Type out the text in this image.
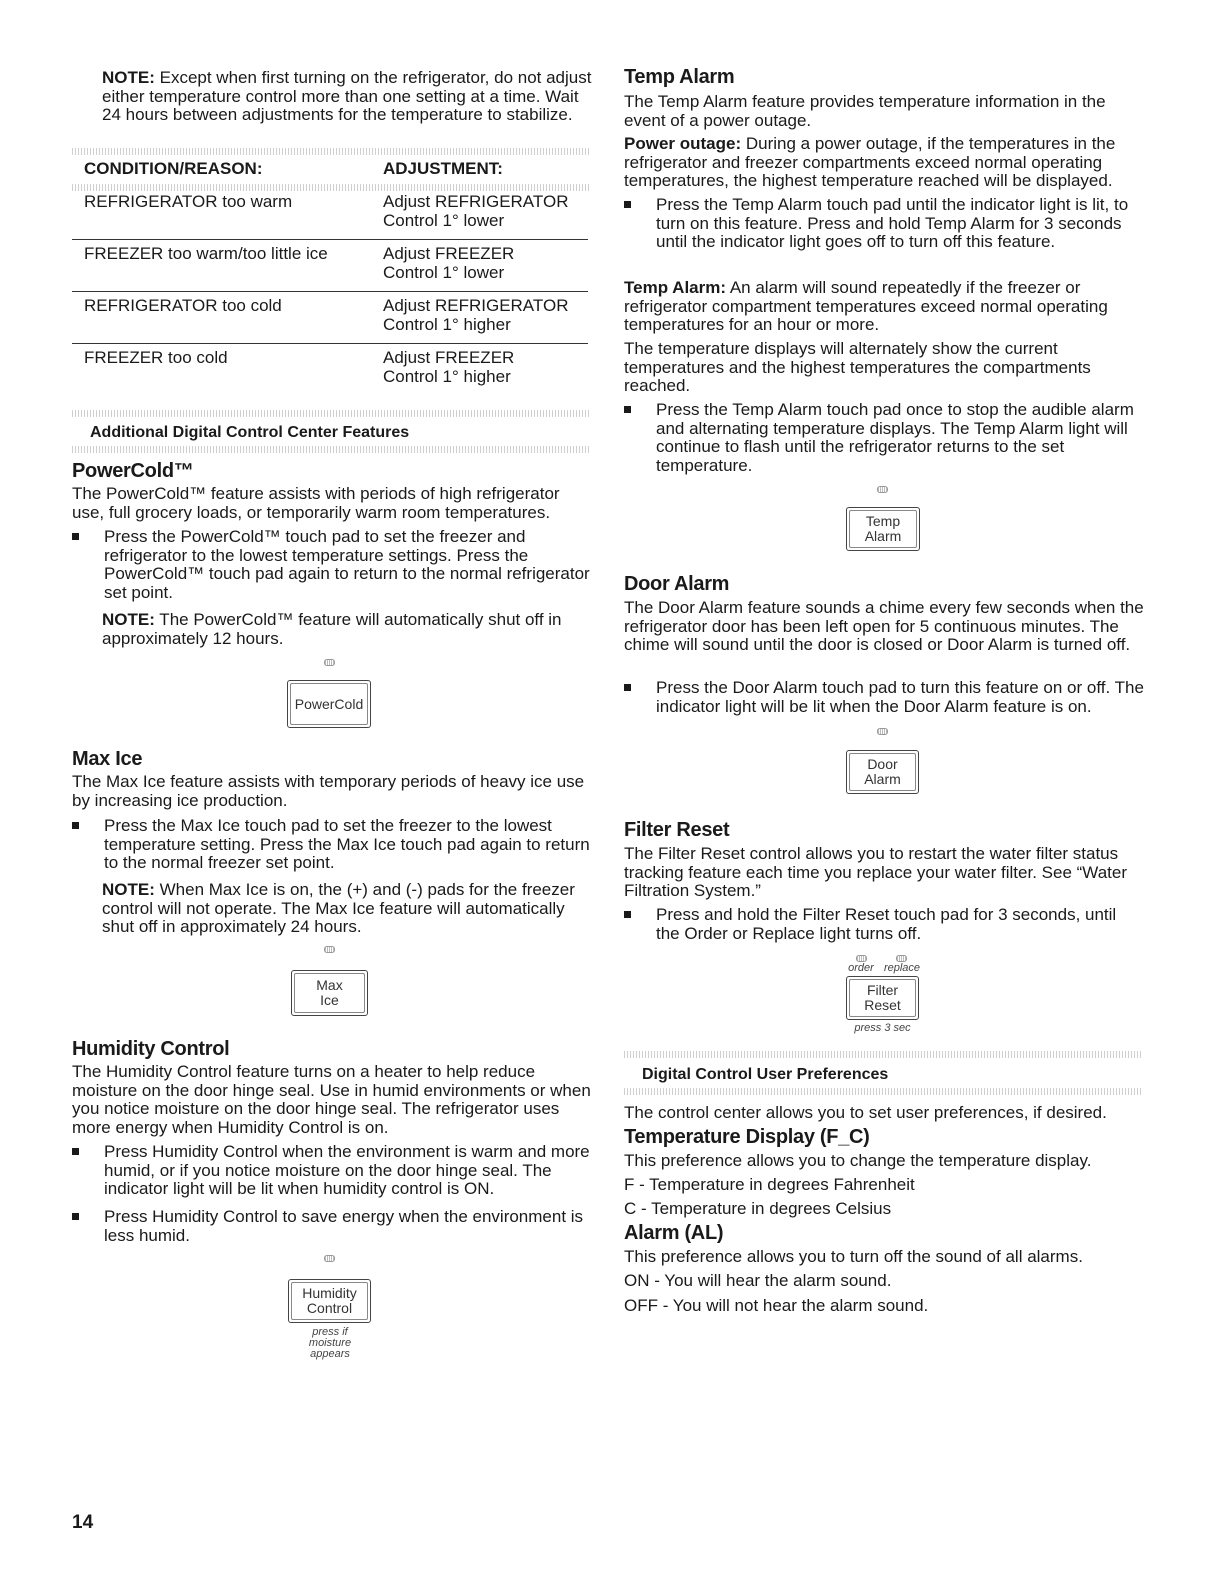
NOTE: Except when first turning on the refrigerator, do not adjust either temperature control more than one setting at a time. Wait 24 hours between adjustments for the temperature to stabilize.

CONDITION/REASON:	ADJUSTMENT:
REFRIGERATOR too warm	Adjust REFRIGERATOR
Control 1° lower
FREEZER too warm/too little ice	Adjust FREEZER
Control 1° lower
REFRIGERATOR too cold	Adjust REFRIGERATOR
Control 1° higher
FREEZER too cold	Adjust FREEZER
Control 1° higher

Additional Digital Control Center Features

PowerCold™

The PowerCold™ feature assists with periods of high refrigerator use, full grocery loads, or temporarily warm room temperatures.

Press the PowerCold™ touch pad to set the freezer and refrigerator to the lowest temperature settings. Press the PowerCold™ touch pad again to return to the normal refrigerator set point.

NOTE: The PowerCold™ feature will automatically shut off in approximately 12 hours.

PowerCold

Max Ice

The Max Ice feature assists with temporary periods of heavy ice use by increasing ice production.

Press the Max Ice touch pad to set the freezer to the lowest temperature setting. Press the Max Ice touch pad again to return to the normal freezer set point.

NOTE: When Max Ice is on, the (+) and (-) pads for the freezer control will not operate. The Max Ice feature will automatically shut off in approximately 24 hours.

Max
Ice

Humidity Control

The Humidity Control feature turns on a heater to help reduce moisture on the door hinge seal. Use in humid environments or when you notice moisture on the door hinge seal. The refrigerator uses more energy when Humidity Control is on.

Press Humidity Control when the environment is warm and more humid, or if you notice moisture on the door hinge seal. The indicator light will be lit when humidity control is ON.

Press Humidity Control to save energy when the environment is less humid.

Humidity
Control
press if
moisture
appears

14

Temp Alarm

The Temp Alarm feature provides temperature information in the event of a power outage.

Power outage: During a power outage, if the temperatures in the refrigerator and freezer compartments exceed normal operating temperatures, the highest temperature reached will be displayed.

Press the Temp Alarm touch pad until the indicator light is lit, to turn on this feature. Press and hold Temp Alarm for 3 seconds until the indicator light goes off to turn off this feature.

Temp Alarm: An alarm will sound repeatedly if the freezer or refrigerator compartment temperatures exceed normal operating temperatures for an hour or more.

The temperature displays will alternately show the current temperatures and the highest temperatures the compartments reached.

Press the Temp Alarm touch pad once to stop the audible alarm and alternating temperature displays. The Temp Alarm light will continue to flash until the refrigerator returns to the set temperature.

Temp
Alarm

Door Alarm

The Door Alarm feature sounds a chime every few seconds when the refrigerator door has been left open for 5 continuous minutes. The chime will sound until the door is closed or Door Alarm is turned off.

Press the Door Alarm touch pad to turn this feature on or off. The indicator light will be lit when the Door Alarm feature is on.

Door
Alarm

Filter Reset

The Filter Reset control allows you to restart the water filter status tracking feature each time you replace your water filter. See “Water Filtration System.”

Press and hold the Filter Reset touch pad for 3 seconds, until the Order or Replace light turns off.

order replace
Filter
Reset
press 3 sec

Digital Control User Preferences

The control center allows you to set user preferences, if desired.

Temperature Display (F_C)

This preference allows you to change the temperature display.

F - Temperature in degrees Fahrenheit

C - Temperature in degrees Celsius

Alarm (AL)

This preference allows you to turn off the sound of all alarms.

ON - You will hear the alarm sound.

OFF - You will not hear the alarm sound.
